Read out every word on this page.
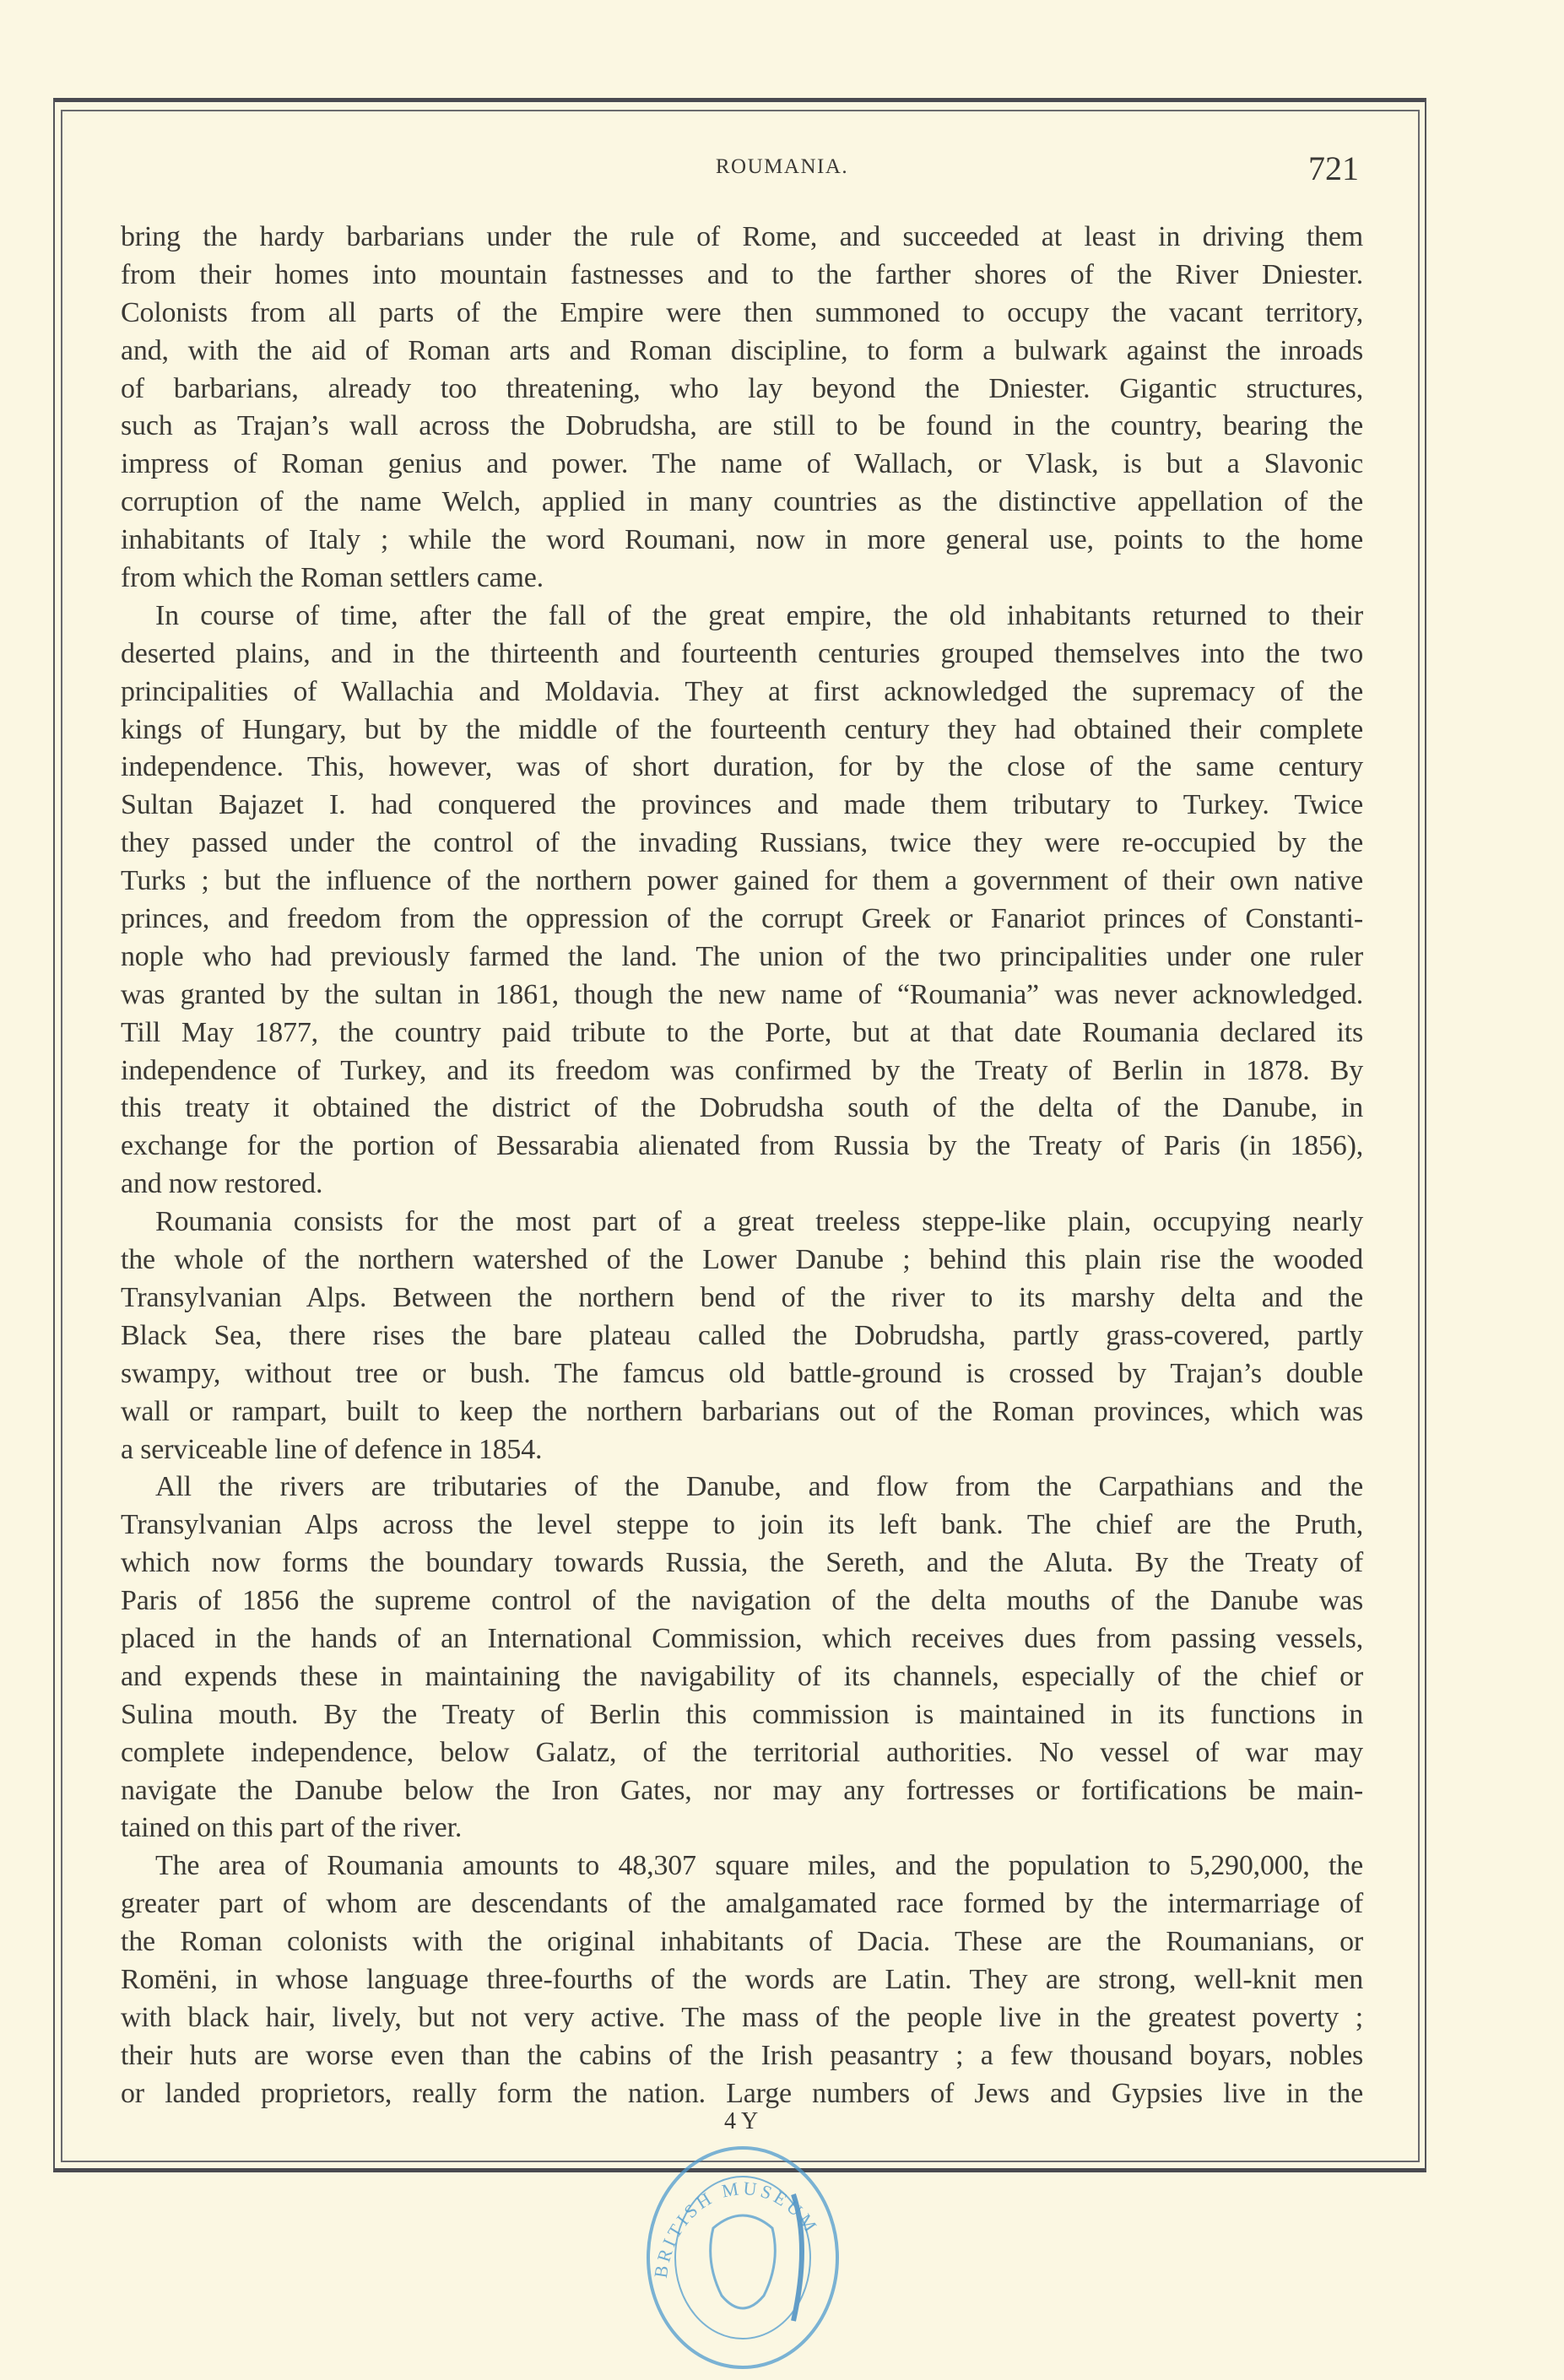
ROUMANIA.	721
bring the hardy barbarians under the rule of Rome, and succeeded at least in driving them
from their homes into mountain fastnesses and to the farther shores of the River Dniester.
Colonists from all parts of the Empire were then summoned to occupy the vacant territory,
and, with the aid of Roman arts and Roman discipline, to form a bulwark against the inroads
of barbarians, already too threatening, who lay beyond the Dniester. Gigantic structures,
such as Trajan’s wall across the Dobrudsha, are still to be found in the country, bearing the
impress of Roman genius and power. The name of Wallach, or Vlask, is but a Slavonic
corruption of the name Welch, applied in many countries as the distinctive appellation of the
inhabitants of Italy ; while the word Roumani, now in more general use, points to the home
from which the Roman settlers came.
In course of time, after the fall of the great empire, the old inhabitants returned to their
deserted plains, and in the thirteenth and fourteenth centuries grouped themselves into the two
principalities of Wallachia and Moldavia. They at first acknowledged the supremacy of the
kings of Hungary, but by the middle of the fourteenth century they had obtained their complete
independence. This, however, was of short duration, for by the close of the same century
Sultan Bajazet I. had conquered the provinces and made them tributary to Turkey. Twice
they passed under the control of the invading Russians, twice they were re-occupied by the
Turks ; but the influence of the northern power gained for them a government of their own native
princes, and freedom from the oppression of the corrupt Greek or Fanariot princes of Constanti-
nople who had previously farmed the land. The union of the two principalities under one ruler
was granted by the sultan in 1861, though the new name of “Roumania” was never acknowledged.
Till May 1877, the country paid tribute to the Porte, but at that date Roumania declared its
independence of Turkey, and its freedom was confirmed by the Treaty of Berlin in 1878. By
this treaty it obtained the district of the Dobrudsha south of the delta of the Danube, in
exchange for the portion of Bessarabia alienated from Russia by the Treaty of Paris (in 1856),
and now restored.
Roumania consists for the most part of a great treeless steppe-like plain, occupying nearly
the whole of the northern watershed of the Lower Danube ; behind this plain rise the wooded
Transylvanian Alps. Between the northern bend of the river to its marshy delta and the
Black Sea, there rises the bare plateau called the Dobrudsha, partly grass-covered, partly
swampy, without tree or bush. The famcus old battle-ground is crossed by Trajan’s double
wall or rampart, built to keep the northern barbarians out of the Roman provinces, which was
a serviceable line of defence in 1854.
All the rivers are tributaries of the Danube, and flow from the Carpathians and the
Transylvanian Alps across the level steppe to join its left bank. The chief are the Pruth,
which now forms the boundary towards Russia, the Sereth, and the Aluta. By the Treaty of
Paris of 1856 the supreme control of the navigation of the delta mouths of the Danube was
placed in the hands of an International Commission, which receives dues from passing vessels,
and expends these in maintaining the navigability of its channels, especially of the chief or
Sulina mouth. By the Treaty of Berlin this commission is maintained in its functions in
complete independence, below Galatz, of the territorial authorities. No vessel of war may
navigate the Danube below the Iron Gates, nor may any fortresses or fortifications be main-
tained on this part of the river.
The area of Roumania amounts to 48,307 square miles, and the population to 5,290,000, the
greater part of whom are descendants of the amalgamated race formed by the intermarriage of
the Roman colonists with the original inhabitants of Dacia. These are the Roumanians, or
Romëni, in whose language three-fourths of the words are Latin. They are strong, well-knit men
with black hair, lively, but not very active. The mass of the people live in the greatest poverty ;
their huts are worse even than the cabins of the Irish peasantry ; a few thousand boyars, nobles
or landed proprietors, really form the nation. Large numbers of Jews and Gypsies live in the
4 Y
BRITISH MUSEUM
